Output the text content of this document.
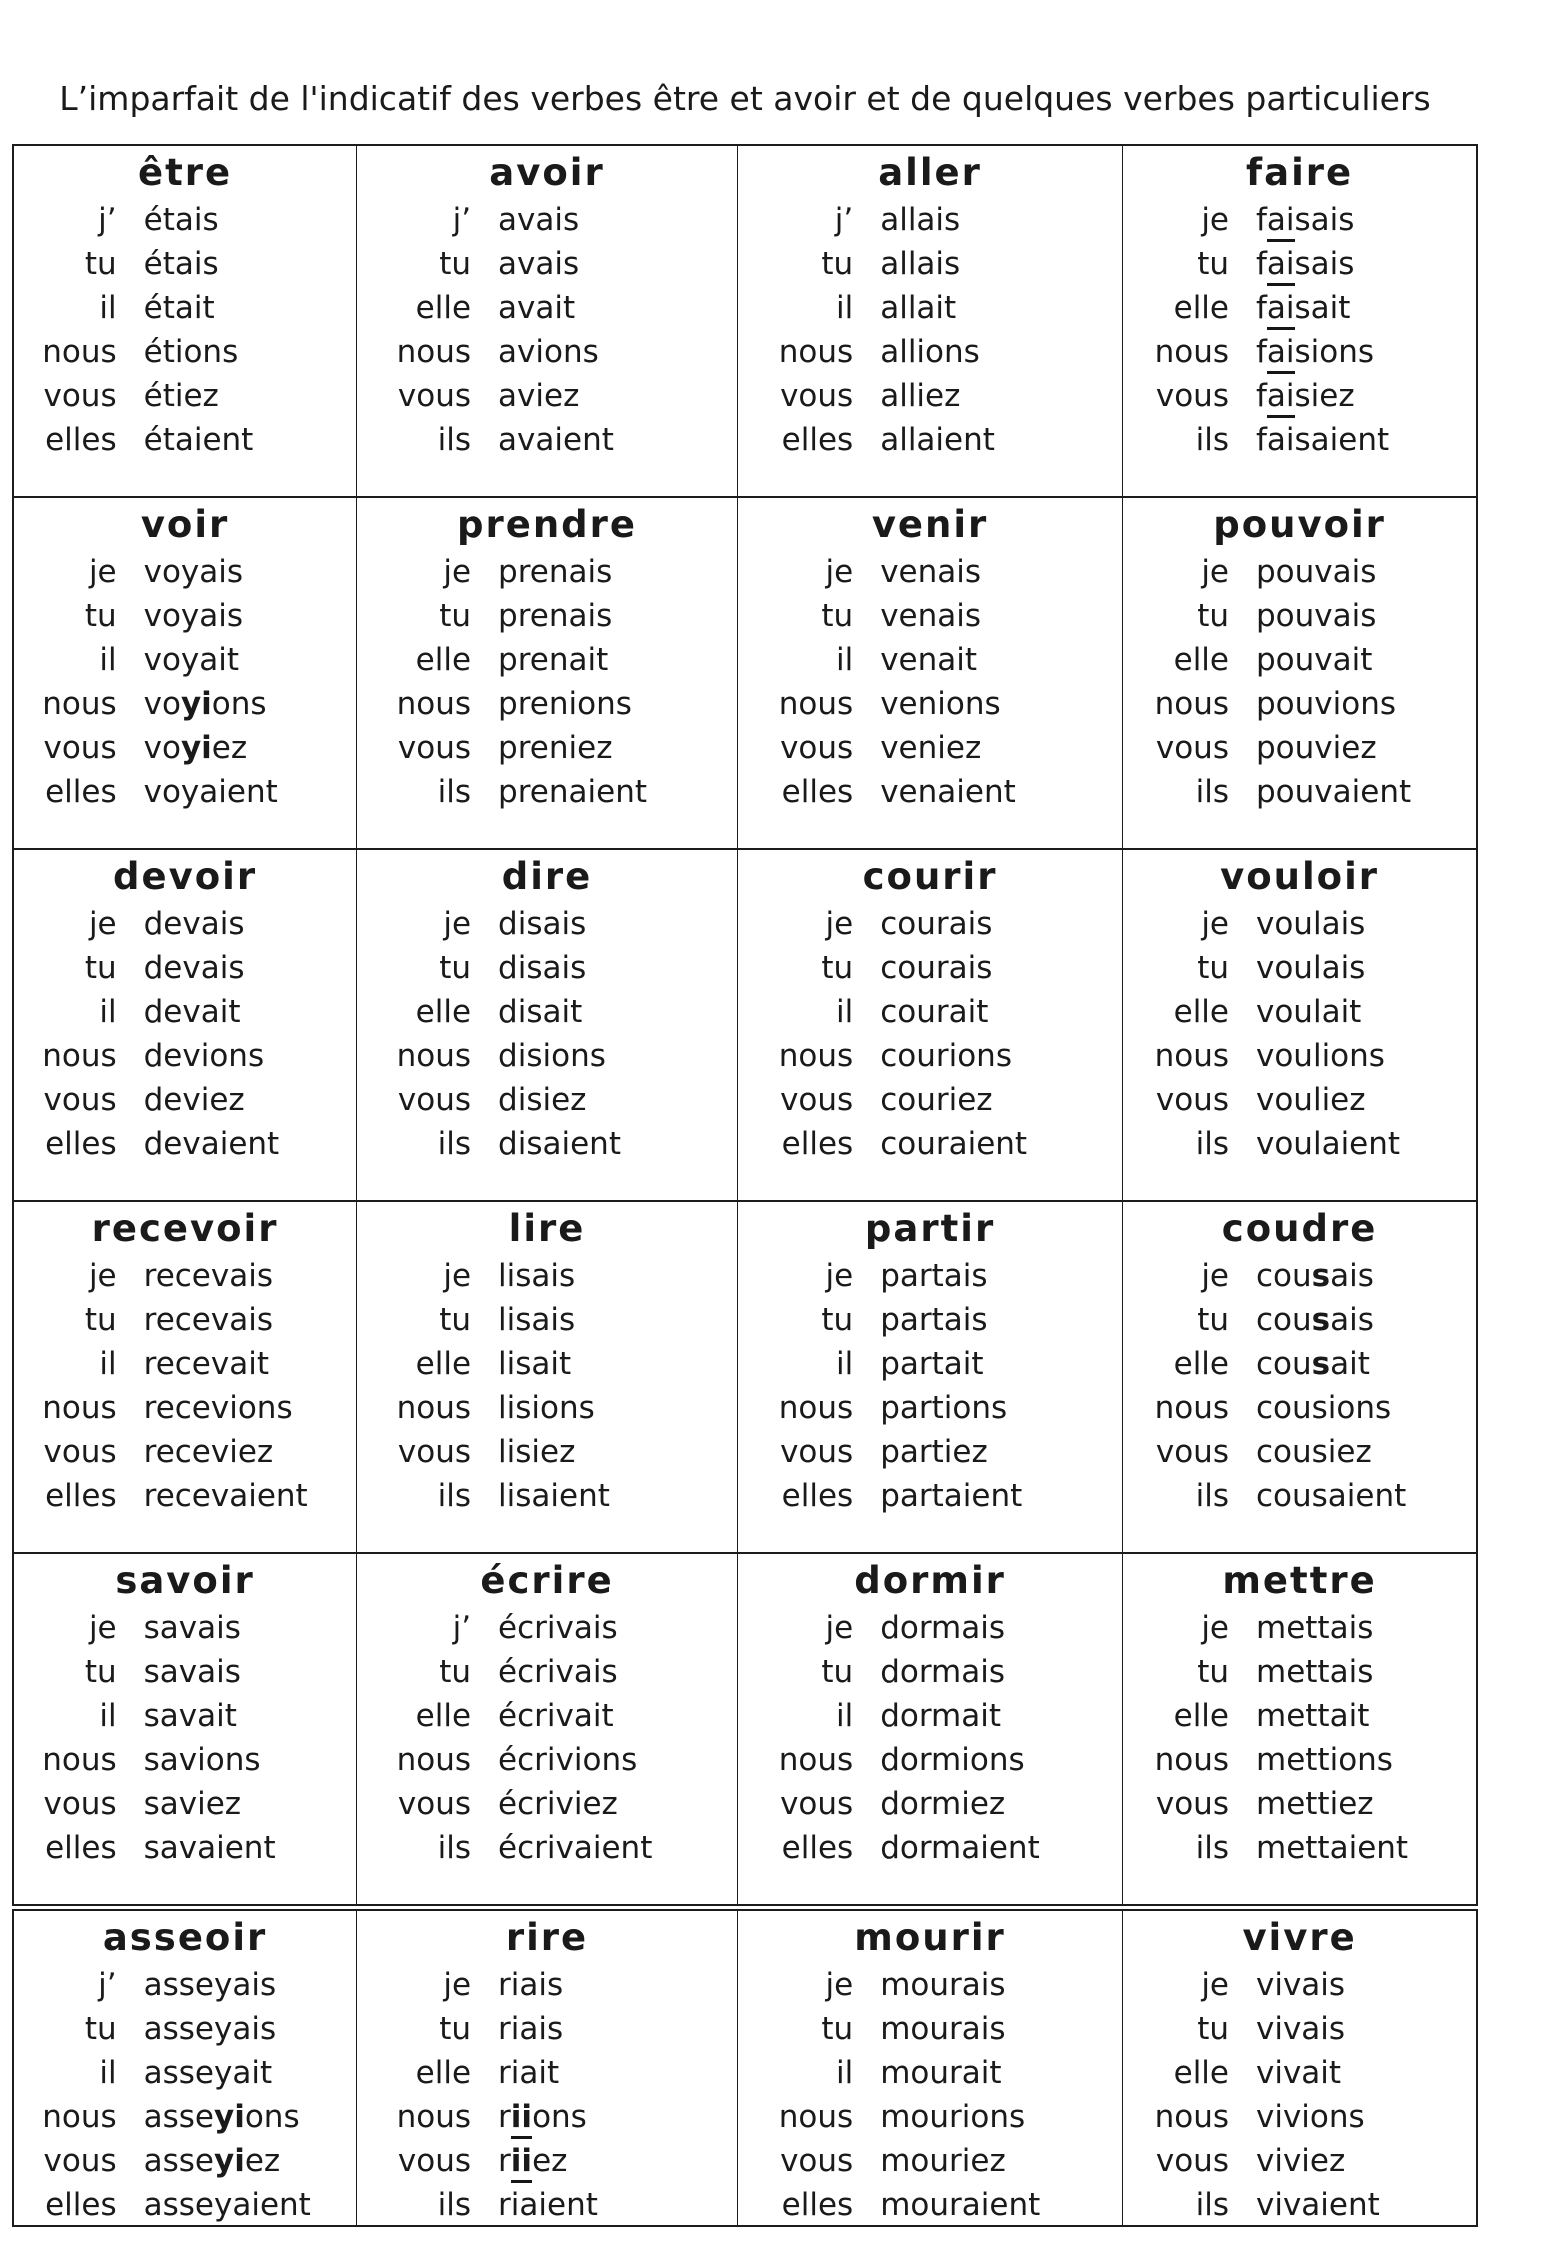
L’imparfait de l'indicatif des verbes être et avoir et de quelques verbes particuliers
être
j’ étais
tu étais
il était
nous étions
vous étiez
elles étaient
avoir
j’ avais
tu avais
elle avait
nous avions
vous aviez
ils avaient
aller
j’ allais
tu allais
il allait
nous allions
vous alliez
elles allaient
faire
je faisais
tu faisais
elle faisait
nous faisions
vous faisiez
ils faisaient
voir
je voyais
tu voyais
il voyait
nous voyions
vous voyiez
elles voyaient
prendre
je prenais
tu prenais
elle prenait
nous prenions
vous preniez
ils prenaient
venir
je venais
tu venais
il venait
nous venions
vous veniez
elles venaient
pouvoir
je pouvais
tu pouvais
elle pouvait
nous pouvions
vous pouviez
ils pouvaient
devoir
je devais
tu devais
il devait
nous devions
vous deviez
elles devaient
dire
je disais
tu disais
elle disait
nous disions
vous disiez
ils disaient
courir
je courais
tu courais
il courait
nous courions
vous couriez
elles couraient
vouloir
je voulais
tu voulais
elle voulait
nous voulions
vous vouliez
ils voulaient
recevoir
je recevais
tu recevais
il recevait
nous recevions
vous receviez
elles recevaient
lire
je lisais
tu lisais
elle lisait
nous lisions
vous lisiez
ils lisaient
partir
je partais
tu partais
il partait
nous partions
vous partiez
elles partaient
coudre
je cousais
tu cousais
elle cousait
nous cousions
vous cousiez
ils cousaient
savoir
je savais
tu savais
il savait
nous savions
vous saviez
elles savaient
écrire
j’ écrivais
tu écrivais
elle écrivait
nous écrivions
vous écriviez
ils écrivaient
dormir
je dormais
tu dormais
il dormait
nous dormions
vous dormiez
elles dormaient
mettre
je mettais
tu mettais
elle mettait
nous mettions
vous mettiez
ils mettaient
asseoir
j’ asseyais
tu asseyais
il asseyait
nous asseyions
vous asseyiez
elles asseyaient
rire
je riais
tu riais
elle riait
nous riions
vous riiez
ils riaient
mourir
je mourais
tu mourais
il mourait
nous mourions
vous mouriez
elles mouraient
vivre
je vivais
tu vivais
elle vivait
nous vivions
vous viviez
ils vivaient
